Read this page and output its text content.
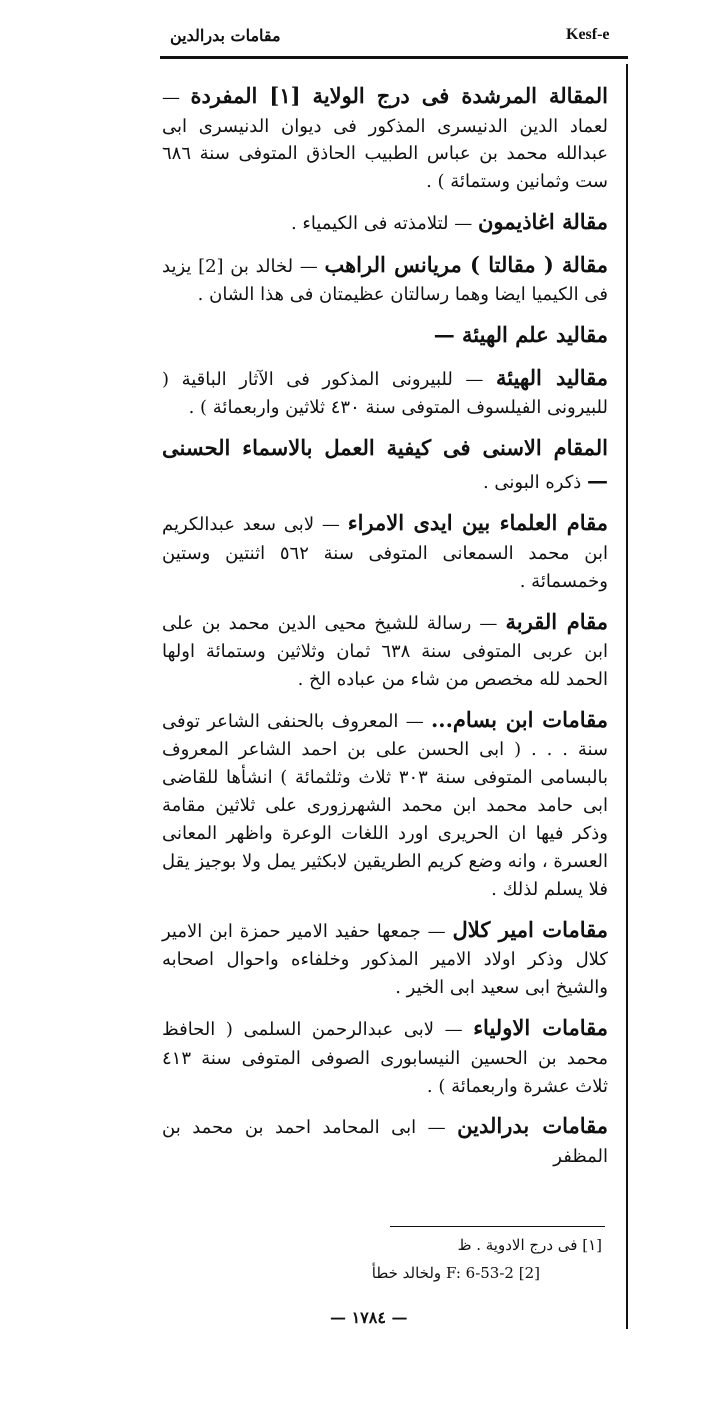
مقامات بدرالدين	Kesf-e

المقالة المرشدة فى درج الولاية [١] المفردة — لعماد الدين الدنيسرى المذكور فى ديوان الدنيسرى ابى عبدالله محمد بن عباس الطبيب الحاذق المتوفى سنة ٦٨٦ ست وثمانين وستمائة ) .

مقالة اغاذيمون — لتلامذته فى الكيمياء .

مقالة ( مقالتا ) مريانس الراهب — لخالد بن [2] يزيد فى الكيميا ايضا وهما رسالتان عظيمتان فى هذا الشان .

مقاليد علم الهيئة —

مقاليد الهيئة — للبيرونى المذكور فى الآثار الباقية ( للبيرونى الفيلسوف المتوفى سنة ٤٣٠ ثلاثين واربعمائة ) .

المقام الاسنى فى كيفية العمل بالاسماء الحسنى — ذكره البونى .

مقام العلماء بين ايدى الامراء — لابى سعد عبدالكريم ابن محمد السمعانى المتوفى سنة ٥٦٢ اثنتين وستين وخمسمائة .

مقام القربة — رسالة للشيخ محيى الدين محمد بن على ابن عربى المتوفى سنة ٦٣٨ ثمان وثلاثين وستمائة اولها الحمد لله مخصص من شاء من عباده الخ .

مقامات ابن بسام... — المعروف بالحنفى الشاعر توفى سنة . . . ( ابى الحسن على بن احمد الشاعر المعروف بالبسامى المتوفى سنة ٣٠٣ ثلاث وثلثمائة ) انشأها للقاضى ابى حامد محمد ابن محمد الشهرزورى على ثلاثين مقامة وذكر فيها ان الحريرى اورد اللغات الوعرة واظهر المعانى العسرة ، وانه وضع كريم الطريقين لابكثير يمل ولا بوجيز يقل فلا يسلم لذلك .

مقامات امير كلال — جمعها حفيد الامير حمزة ابن الامير كلال وذكر اولاد الامير المذكور وخلفاءه واحوال اصحابه والشيخ ابى سعيد ابى الخير .

مقامات الاولياء — لابى عبدالرحمن السلمى ( الحافظ محمد بن الحسين النيسابورى الصوفى المتوفى سنة ٤١٣ ثلاث عشرة واربعمائة ) .

مقامات بدرالدين — ابى المحامد احمد بن محمد بن المظفر

[١] فى درج الادوية . ظ
[2] F: 6-53-2 ولخالد خطأ
— ١٧٨٤ —
